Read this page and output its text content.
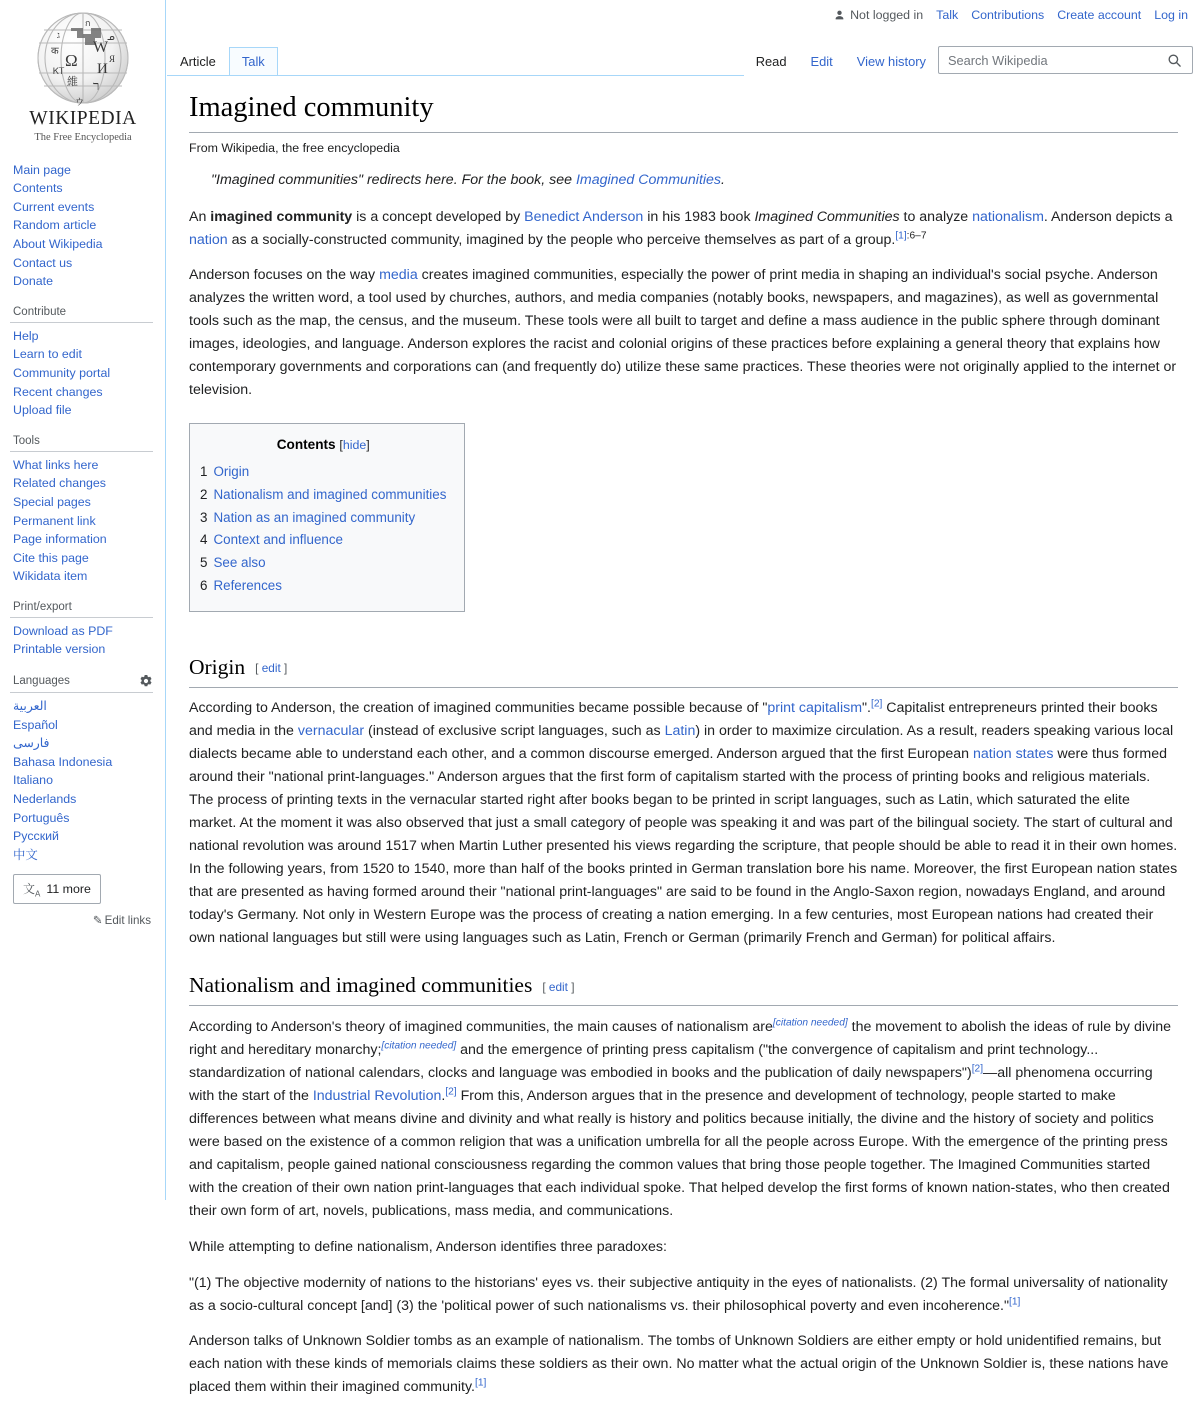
Ω
W
И
維 ר
क
ᏦᎢ
ᓄ
ウ
ג
Я
ก
WIKIPEDIA
The Free Encyclopedia
Main page
Contents
Current events
Random article
About Wikipedia
Contact us
Donate
Contribute
Help
Learn to edit
Community portal
Recent changes
Upload file
Tools
What links here
Related changes
Special pages
Permanent link
Page information
Cite this page
Wikidata item
Print/export
Download as PDF
Printable version
Languages
العربية
Español
فارسی
Bahasa Indonesia
Italiano
Nederlands
Português
Русский
中文
文$_A$ 11 more
✎ Edit links
Not logged in Talk Contributions Create account Log in
Article	Talk	Read	Edit	View history
Search Wikipedia
Imagined community
From Wikipedia, the free encyclopedia
"Imagined communities" redirects here. For the book, see Imagined Communities.

An imagined community is a concept developed by Benedict Anderson in his 1983 book Imagined Communities to analyze nationalism. Anderson depicts a nation as a socially-constructed community, imagined by the people who perceive themselves as part of a group.$^{[1]:6-7}$

Anderson focuses on the way media creates imagined communities, especially the power of print media in shaping an individual's social psyche. Anderson analyzes the written word, a tool used by churches, authors, and media companies (notably books, newspapers, and magazines), as well as governmental tools such as the map, the census, and the museum. These tools were all built to target and define a mass audience in the public sphere through dominant images, ideologies, and language. Anderson explores the racist and colonial origins of these practices before explaining a general theory that explains how contemporary governments and corporations can (and frequently do) utilize these same practices. These theories were not originally applied to the internet or television.

Contents [hide]
1 Origin
2 Nationalism and imagined communities
3 Nation as an imagined community
4 Context and influence
5 See also
6 References
Origin [ edit ]

According to Anderson, the creation of imagined communities became possible because of "print capitalism".[2] Capitalist entrepreneurs printed their books and media in the vernacular (instead of exclusive script languages, such as Latin) in order to maximize circulation. As a result, readers speaking various local dialects became able to understand each other, and a common discourse emerged. Anderson argued that the first European nation states were thus formed around their "national print-languages." Anderson argues that the first form of capitalism started with the process of printing books and religious materials. The process of printing texts in the vernacular started right after books began to be printed in script languages, such as Latin, which saturated the elite market. At the moment it was also observed that just a small category of people was speaking it and was part of the bilingual society. The start of cultural and national revolution was around 1517 when Martin Luther presented his views regarding the scripture, that people should be able to read it in their own homes. In the following years, from 1520 to 1540, more than half of the books printed in German translation bore his name. Moreover, the first European nation states that are presented as having formed around their "national print-languages" are said to be found in the Anglo-Saxon region, nowadays England, and around today's Germany. Not only in Western Europe was the process of creating a nation emerging. In a few centuries, most European nations had created their own national languages but still were using languages such as Latin, French or German (primarily French and German) for political affairs.

Nationalism and imagined communities [ edit ]

According to Anderson's theory of imagined communities, the main causes of nationalism are[citation needed] the movement to abolish the ideas of rule by divine right and hereditary monarchy;[citation needed] and the emergence of printing press capitalism ("the convergence of capitalism and print technology... standardization of national calendars, clocks and language was embodied in books and the publication of daily newspapers")[2]—all phenomena occurring with the start of the Industrial Revolution.[2] From this, Anderson argues that in the presence and development of technology, people started to make differences between what means divine and divinity and what really is history and politics because initially, the divine and the history of society and politics were based on the existence of a common religion that was a unification umbrella for all the people across Europe. With the emergence of the printing press and capitalism, people gained national consciousness regarding the common values that bring those people together. The Imagined Communities started with the creation of their own nation print-languages that each individual spoke. That helped develop the first forms of known nation-states, who then created their own form of art, novels, publications, mass media, and communications.

While attempting to define nationalism, Anderson identifies three paradoxes:

"(1) The objective modernity of nations to the historians' eyes vs. their subjective antiquity in the eyes of nationalists. (2) The formal universality of nationality as a socio-cultural concept [and] (3) the 'political power of such nationalisms vs. their philosophical poverty and even incoherence."[1]

Anderson talks of Unknown Soldier tombs as an example of nationalism. The tombs of Unknown Soldiers are either empty or hold unidentified remains, but each nation with these kinds of memorials claims these soldiers as their own. No matter what the actual origin of the Unknown Soldier is, these nations have placed them within their imagined community.[1]
